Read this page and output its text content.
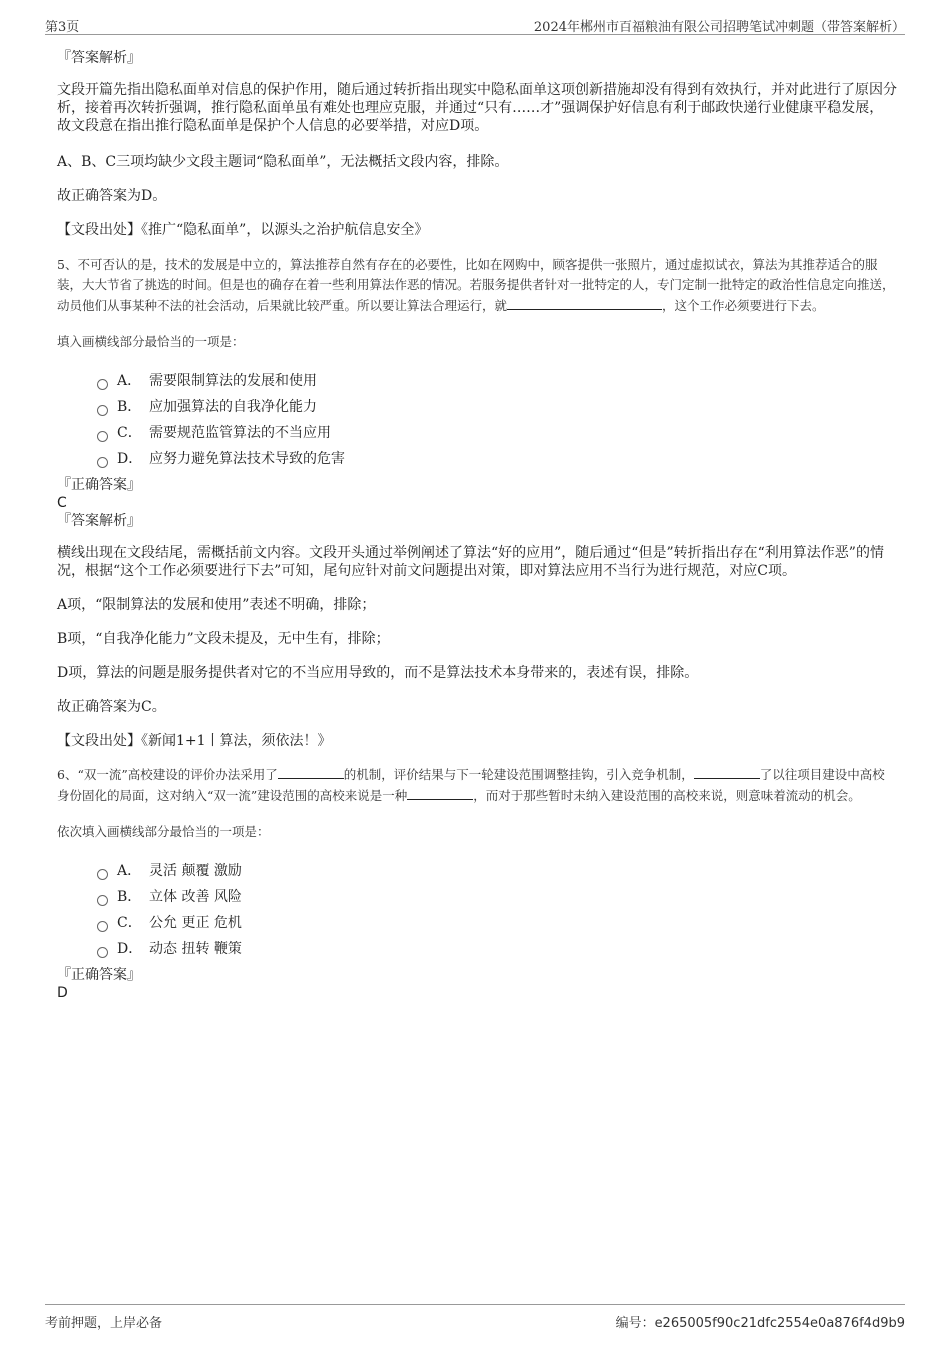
第3页	2024年郴州市百福粮油有限公司招聘笔试冲刺题（带答案解析）

『答案解析』

文段开篇先指出隐私面单对信息的保护作用，随后通过转折指出现实中隐私面单这项创新措施却没有得到有效执行，并对此进行了原因分析，接着再次转折强调，推行隐私面单虽有难处也理应克服，并通过“只有……才”强调保护好信息有利于邮政快递行业健康平稳发展，故文段意在指出推行隐私面单是保护个人信息的必要举措，对应D项。

A、B、C三项均缺少文段主题词“隐私面单”，无法概括文段内容，排除。

故正确答案为D。

【文段出处】《推广“隐私面单”，以源头之治护航信息安全》

5、不可否认的是，技术的发展是中立的，算法推荐自然有存在的必要性，比如在网购中，顾客提供一张照片，通过虚拟试衣，算法为其推荐适合的服装，大大节省了挑选的时间。但是也的确存在着一些利用算法作恶的情况。若服务提供者针对一批特定的人，专门定制一批特定的政治性信息定向推送，动员他们从事某种不法的社会活动，后果就比较严重。所以要让算法合理运行，就	，这个工作必须要进行下去。

填入画横线部分最恰当的一项是：

A． 需要限制算法的发展和使用
B． 应加强算法的自我净化能力
C． 需要规范监管算法的不当应用
D． 应努力避免算法技术导致的危害

『正确答案』

C

『答案解析』

横线出现在文段结尾，需概括前文内容。文段开头通过举例阐述了算法“好的应用”，随后通过“但是”转折指出存在“利用算法作恶”的情况，根据“这个工作必须要进行下去”可知，尾句应针对前文问题提出对策，即对算法应用不当行为进行规范，对应C项。

A项，“限制算法的发展和使用”表述不明确，排除；

B项，“自我净化能力”文段未提及，无中生有，排除；

D项，算法的问题是服务提供者对它的不当应用导致的，而不是算法技术本身带来的，表述有误，排除。

故正确答案为C。

【文段出处】《新闻1+1丨算法，须依法！》

6、“双一流”高校建设的评价办法采用了	的机制，评价结果与下一轮建设范围调整挂钩，引入竞争机制，	了以往项目建设中高校身份固化的局面，这对纳入“双一流”建设范围的高校来说是一种	，而对于那些暂时未纳入建设范围的高校来说，则意味着流动的机会。

依次填入画横线部分最恰当的一项是：

A． 灵活 颠覆 激励
B． 立体 改善 风险
C． 公允 更正 危机
D． 动态 扭转 鞭策

『正确答案』

D

考前押题，上岸必备	编号：e265005f90c21dfc2554e0a876f4d9b9
